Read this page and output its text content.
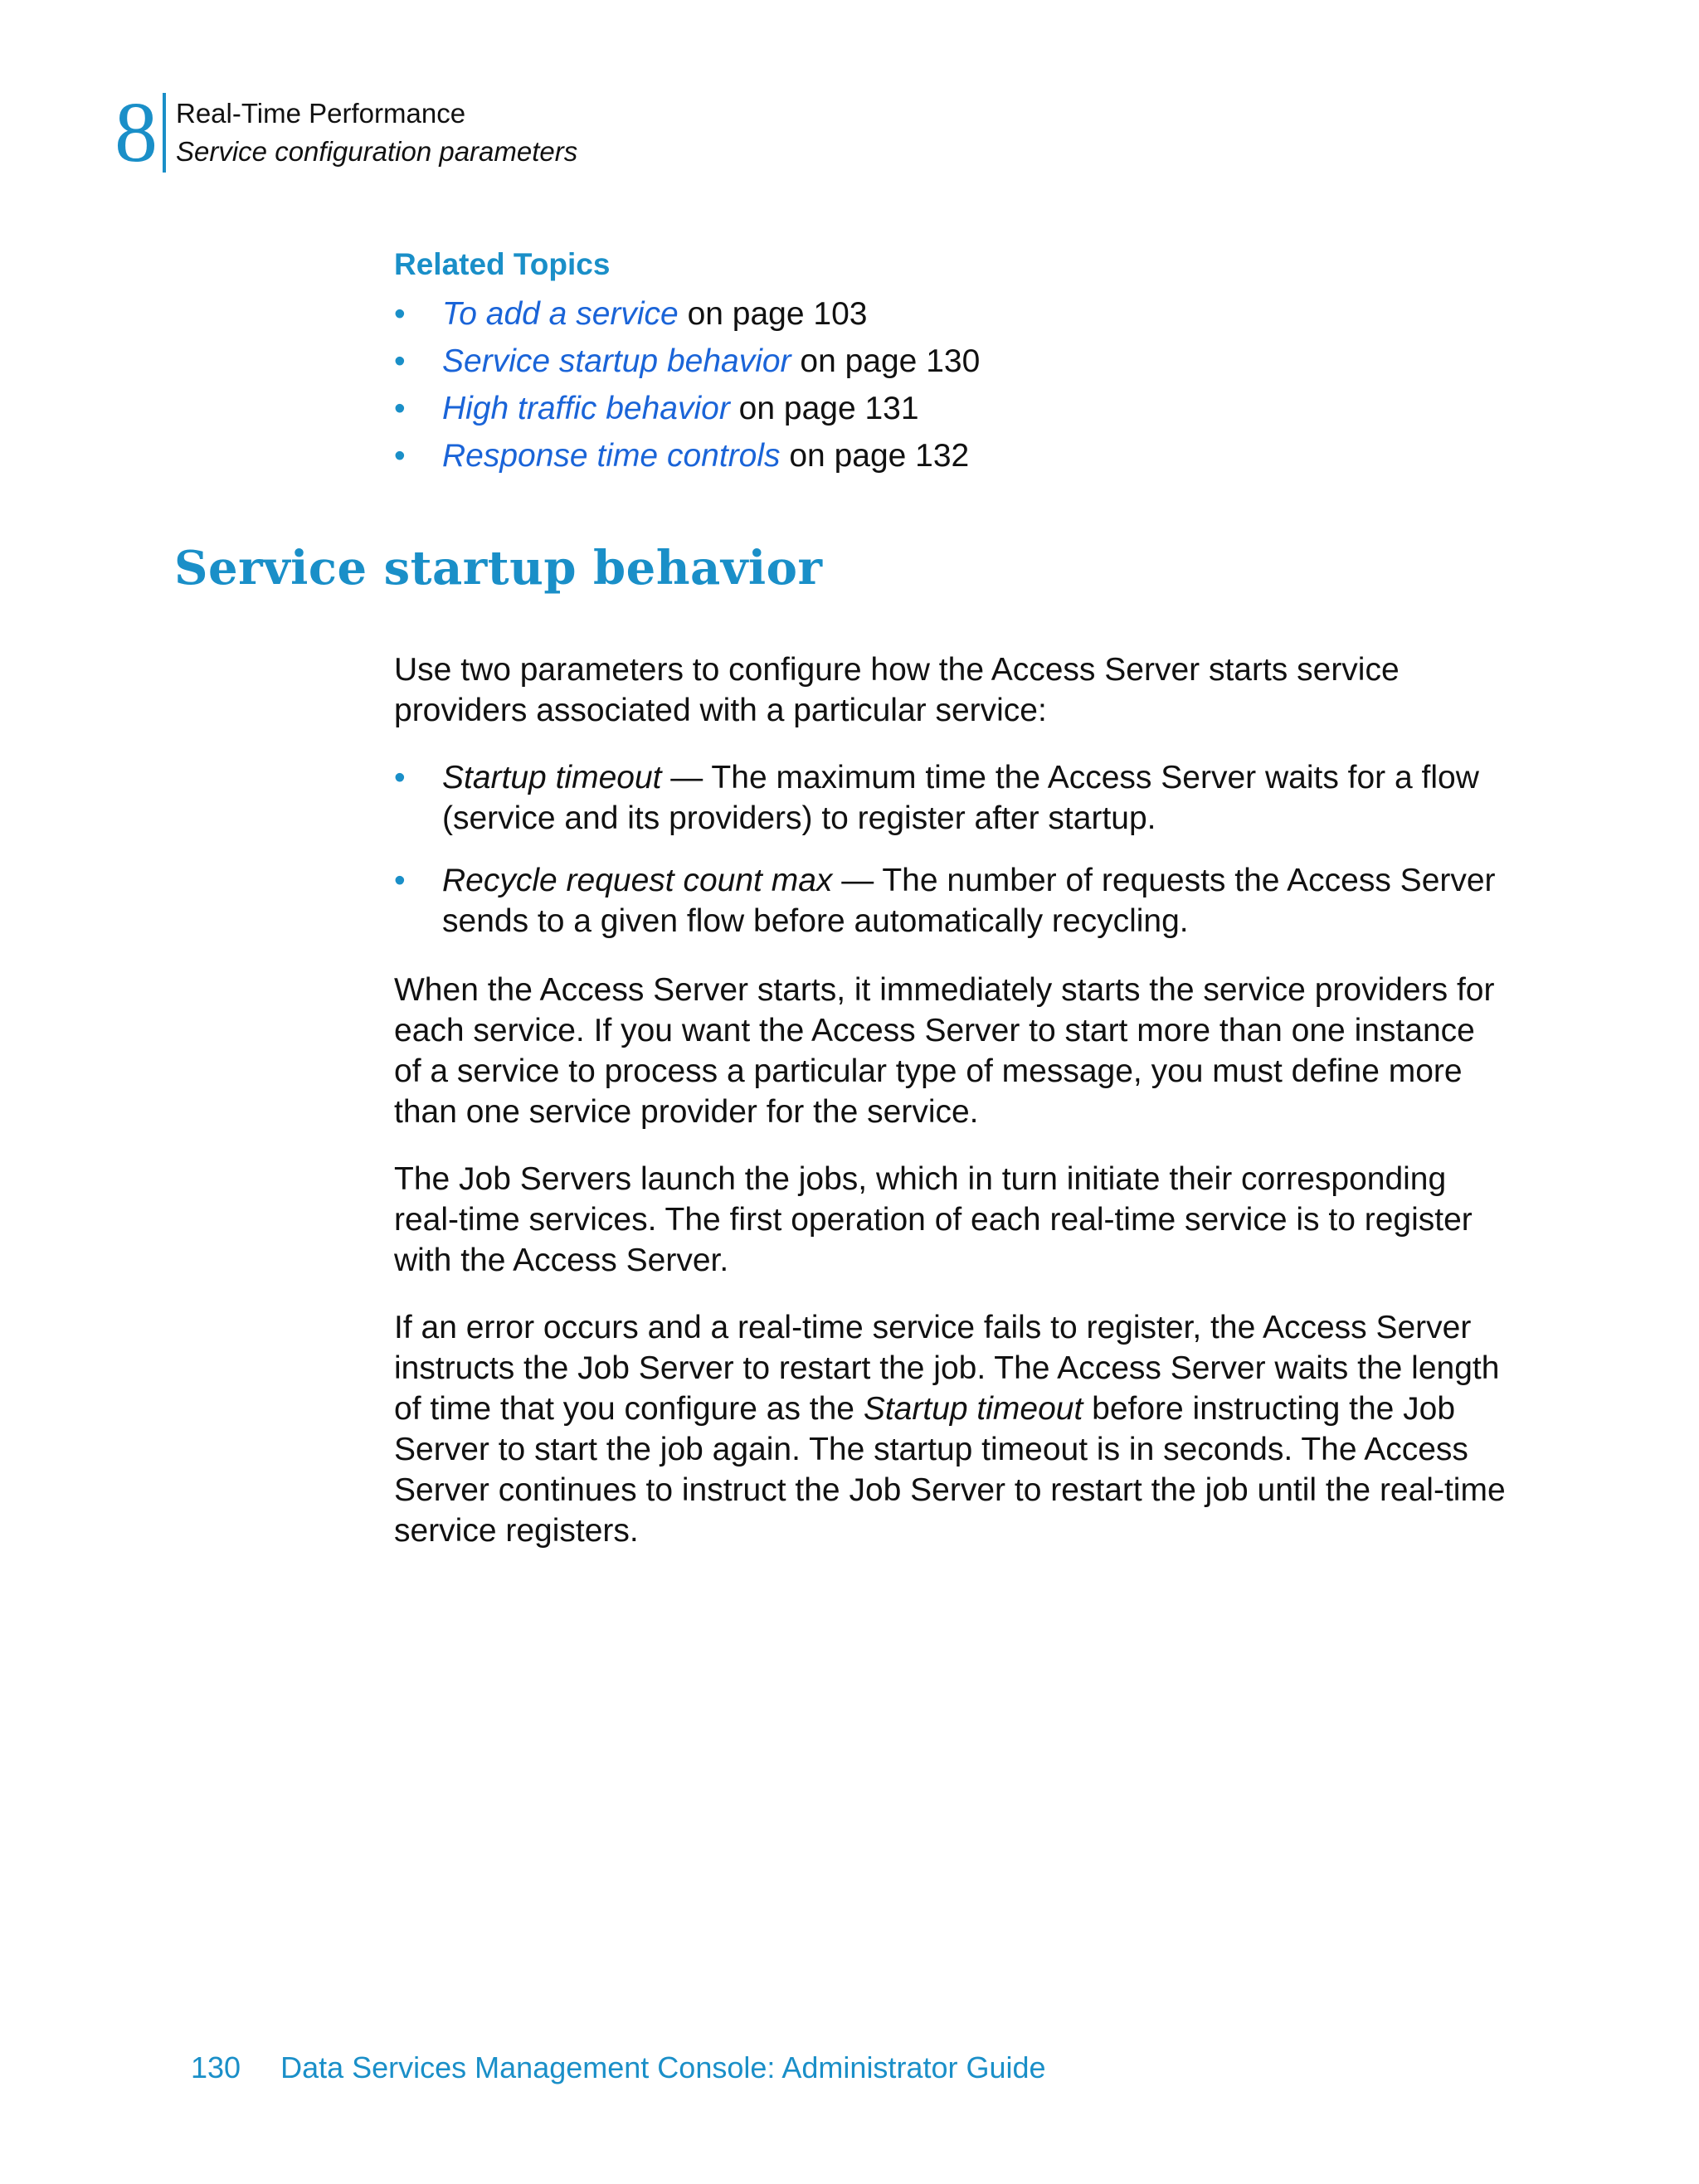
8 Real-Time Performance
Service configuration parameters
Related Topics
• To add a service on page 103
• Service startup behavior on page 130
• High traffic behavior on page 131
• Response time controls on page 132
Service startup behavior

Use two parameters to configure how the Access Server starts service providers associated with a particular service:

• Startup timeout — The maximum time the Access Server waits for a flow (service and its providers) to register after startup.
• Recycle request count max — The number of requests the Access Server sends to a given flow before automatically recycling.

When the Access Server starts, it immediately starts the service providers for each service. If you want the Access Server to start more than one instance of a service to process a particular type of message, you must define more than one service provider for the service.

The Job Servers launch the jobs, which in turn initiate their corresponding real-time services. The first operation of each real-time service is to register with the Access Server.

If an error occurs and a real-time service fails to register, the Access Server instructs the Job Server to restart the job. The Access Server waits the length of time that you configure as the Startup timeout before instructing the Job Server to start the job again. The startup timeout is in seconds. The Access Server continues to instruct the Job Server to restart the job until the real-time service registers.

130 Data Services Management Console: Administrator Guide
